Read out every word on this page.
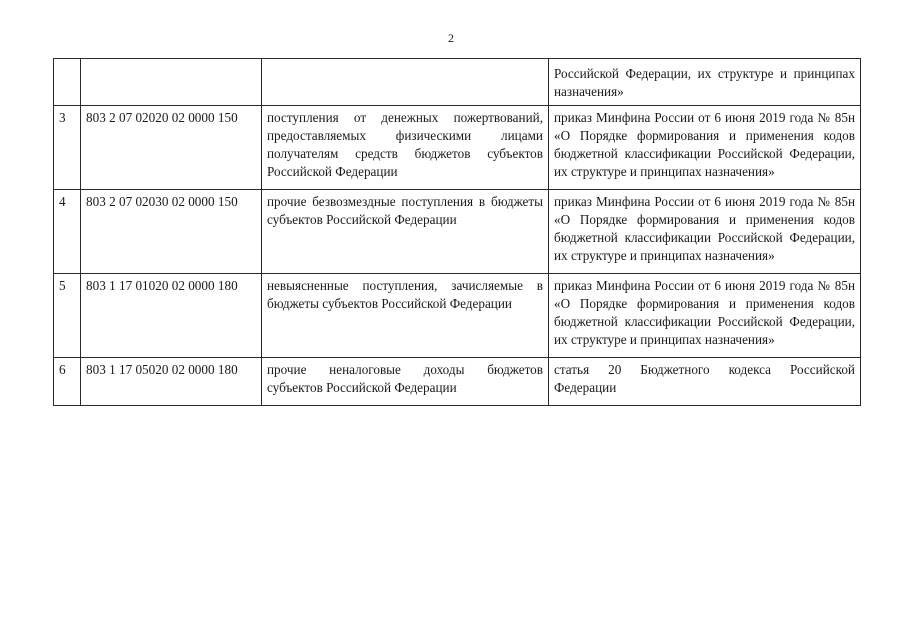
2
			Российской Федерации, их структуре и принципах назначения»
3	803 2 07 02020 02 0000 150	поступления от денежных пожертвований, предоставляемых физическими лицами получателям средств бюджетов субъектов Российской Федерации	приказ Минфина России от 6 июня 2019 года № 85н «О Порядке формирования и применения кодов бюджетной классификации Российской Федерации, их структуре и принципах назначения»
4	803 2 07 02030 02 0000 150	прочие безвозмездные поступления в бюджеты субъектов Российской Федерации	приказ Минфина России от 6 июня 2019 года № 85н «О Порядке формирования и применения кодов бюджетной классификации Российской Федерации, их структуре и принципах назначения»
5	803 1 17 01020 02 0000 180	невыясненные поступления, зачисляемые в бюджеты субъектов Российской Федерации	приказ Минфина России от 6 июня 2019 года № 85н «О Порядке формирования и применения кодов бюджетной классификации Российской Федерации, их структуре и принципах назначения»
6	803 1 17 05020 02 0000 180	прочие неналоговые доходы бюджетов субъектов Российской Федерации	статья 20 Бюджетного кодекса Российской Федерации
